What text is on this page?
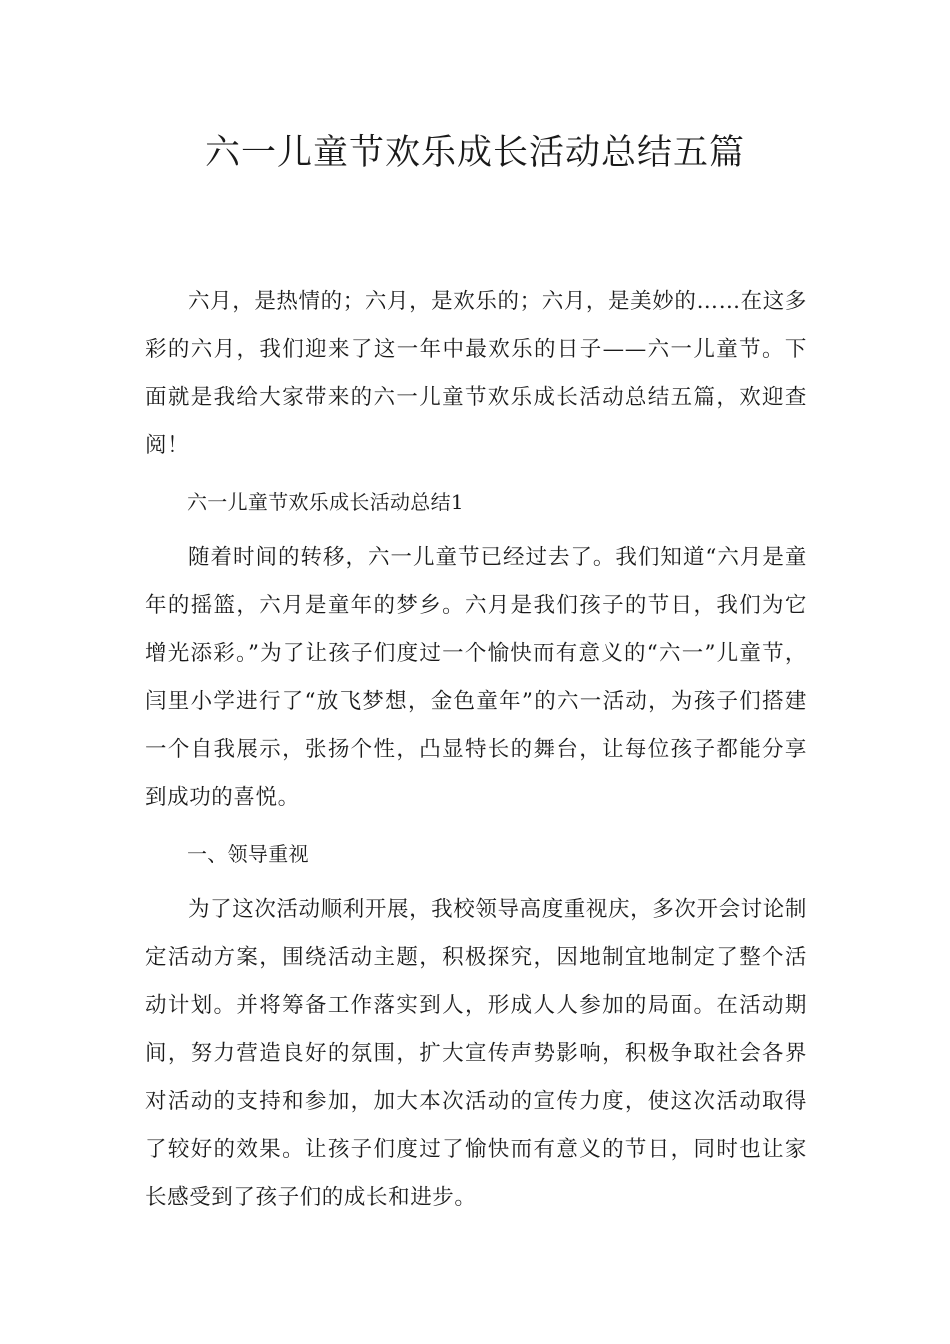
六一儿童节欢乐成长活动总结五篇

六月，是热情的；六月，是欢乐的；六月，是美妙的……在这多彩的六月，我们迎来了这一年中最欢乐的日子——六一儿童节。下面就是我给大家带来的六一儿童节欢乐成长活动总结五篇，欢迎查阅！

六一儿童节欢乐成长活动总结1

随着时间的转移，六一儿童节已经过去了。我们知道“六月是童年的摇篮，六月是童年的梦乡。六月是我们孩子的节日，我们为它增光添彩。”为了让孩子们度过一个愉快而有意义的“六一”儿童节，闫里小学进行了“放飞梦想，金色童年”的六一活动，为孩子们搭建一个自我展示，张扬个性，凸显特长的舞台，让每位孩子都能分享到成功的喜悦。

一、领导重视

为了这次活动顺利开展，我校领导高度重视庆，多次开会讨论制定活动方案，围绕活动主题，积极探究，因地制宜地制定了整个活动计划。并将筹备工作落实到人，形成人人参加的局面。在活动期间，努力营造良好的氛围，扩大宣传声势影响，积极争取社会各界对活动的支持和参加，加大本次活动的宣传力度，使这次活动取得了较好的效果。让孩子们度过了愉快而有意义的节日，同时也让家长感受到了孩子们的成长和进步。
